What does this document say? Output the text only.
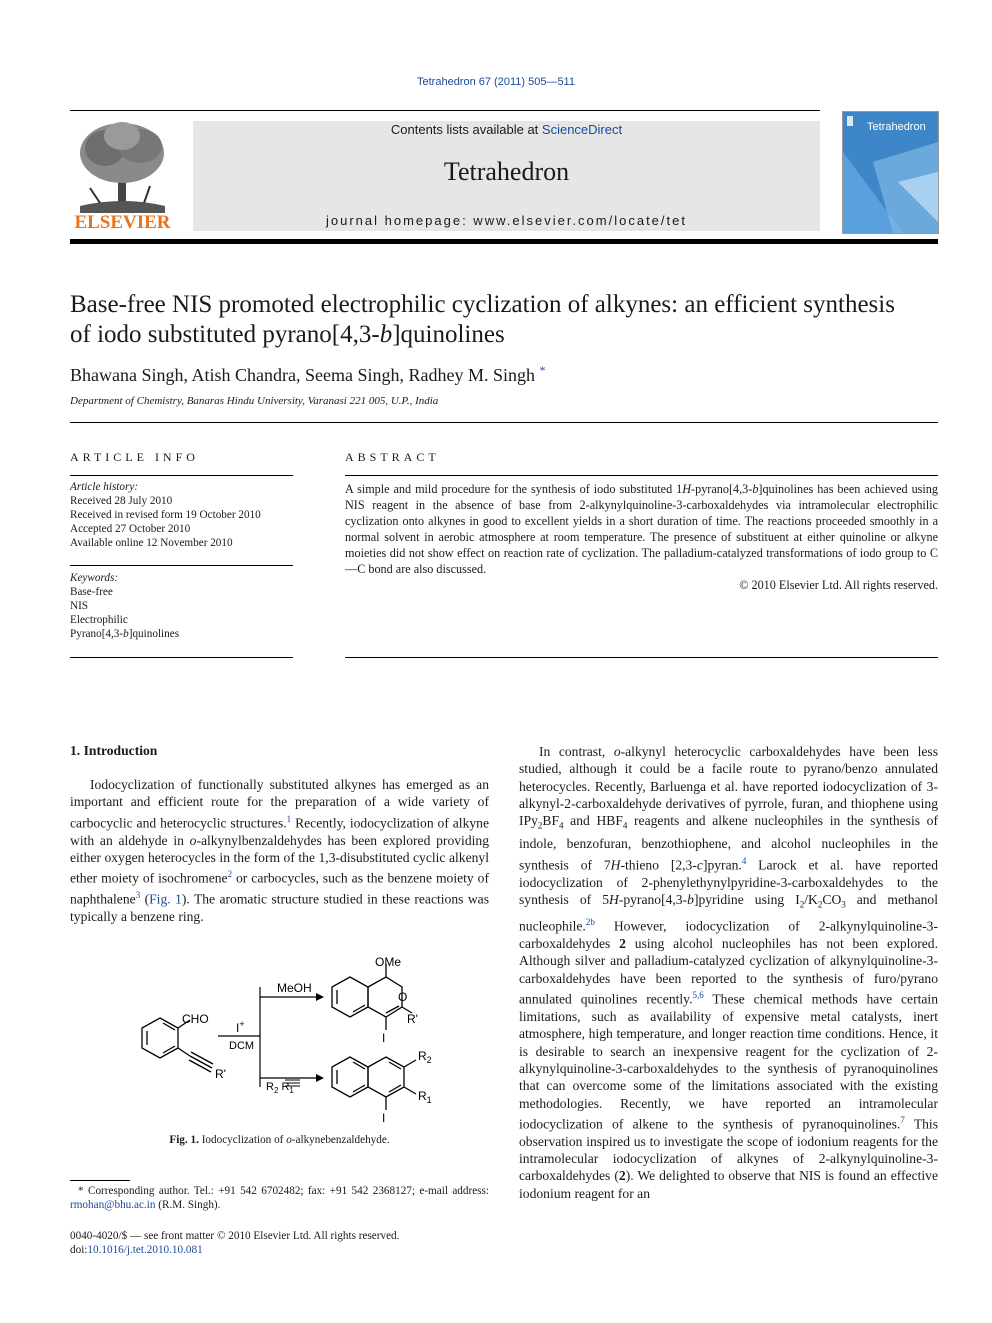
Tetrahedron 67 (2011) 505—511
ELSEVIER
Contents lists available at ScienceDirect
Tetrahedron
journal homepage: www.elsevier.com/locate/tet
Tetrahedron
Base-free NIS promoted electrophilic cyclization of alkynes: an efficient synthesis
of iodo substituted pyrano[4,3-b]quinolines
Bhawana Singh, Atish Chandra, Seema Singh, Radhey M. Singh *
Department of Chemistry, Banaras Hindu University, Varanasi 221 005, U.P., India
ARTICLE INFO
Article history:
Received 28 July 2010
Received in revised form 19 October 2010
Accepted 27 October 2010
Available online 12 November 2010
Keywords:
Base-free
NIS
Electrophilic
Pyrano[4,3-b]quinolines
ABSTRACT
A simple and mild procedure for the synthesis of iodo substituted 1H-pyrano[4,3-b]quinolines has been achieved using NIS reagent in the absence of base from 2-alkynylquinoline-3-carboxaldehydes via intramolecular electrophilic cyclization onto alkynes in good to excellent yields in a short duration of time. The reactions proceeded smoothly in a normal solvent in aerobic atmosphere at room temperature. The presence of substituent at either quinoline or alkyne moieties did not show effect on reaction rate of cyclization. The palladium-catalyzed transformations of iodo group to C—C bond are also discussed.
© 2010 Elsevier Ltd. All rights reserved.
1. Introduction

Iodocyclization of functionally substituted alkynes has emerged as an important and efficient route for the preparation of a wide variety of carbocyclic and heterocyclic structures.$^1$ Recently, iodocyclization of alkyne with an aldehyde in o-alkynylbenzaldehydes has been explored providing either oxygen heterocycles in the form of the 1,3-disubstituted cyclic alkenyl ether moiety of isochromene$^2$ or carbocycles, such as the benzene moiety of naphthalene$^3$ (Fig. 1). The aromatic structure studied in these reactions was typically a benzene ring.

CHO
R'
I+
DCM
MeOH
$R_2$ $R_1$
OMe
O
R'
I
$R_2$
$R_1$
I
Fig. 1. Iodocyclization of o-alkynebenzaldehyde.
* Corresponding author. Tel.: +91 542 6702482; fax: +91 542 2368127; e-mail address: rmohan@bhu.ac.in (R.M. Singh).
0040-4020/$ — see front matter © 2010 Elsevier Ltd. All rights reserved.
doi:10.1016/j.tet.2010.10.081

In contrast, o-alkynyl heterocyclic carboxaldehydes have been less studied, although it could be a facile route to pyrano/benzo annulated heterocycles. Recently, Barluenga et al. have reported iodocyclization of 3-alkynyl-2-carboxaldehyde derivatives of pyrrole, furan, and thiophene using $IPy_2BF_4$ and $HBF_4$ reagents and alkene nucleophiles in the synthesis of indole, benzofuran, benzothiophene, and alcohol nucleophiles in the synthesis of 7H-thieno [2,3-c]pyran.$^4$ Larock et al. have reported iodocyclization of 2-phenylethynylpyridine-3-carboxaldehydes to the synthesis of 5H-pyrano[4,3-b]pyridine using $I_2/K_2CO_3$ and methanol nucleophile.$^{2b}$ However, iodocyclization of 2-alkynylquinoline-3-carboxaldehydes 2 using alcohol nucleophiles has not been explored. Although silver and palladium-catalyzed cyclization of alkynylquinoline-3-carboxaldehydes have been reported to the synthesis of furo/pyrano annulated quinolines recently.$^{5,6}$ These chemical methods have certain limitations, such as availability of expensive metal catalysts, inert atmosphere, high temperature, and longer reaction time conditions. Hence, it is desirable to search an inexpensive reagent for the cyclization of 2-alkynylquinoline-3-carboxaldehydes to the synthesis of pyranoquinolines that can overcome some of the limitations associated with the existing methodologies. Recently, we have reported an intramolecular iodocyclization of alkene to the synthesis of pyranoquinolines.$^7$ This observation inspired us to investigate the scope of iodonium reagents for the intramolecular iodocyclization of alkynes of 2-alkynylquinoline-3-carboxaldehydes (2). We delighted to observe that NIS is found an effective iodonium reagent for an
